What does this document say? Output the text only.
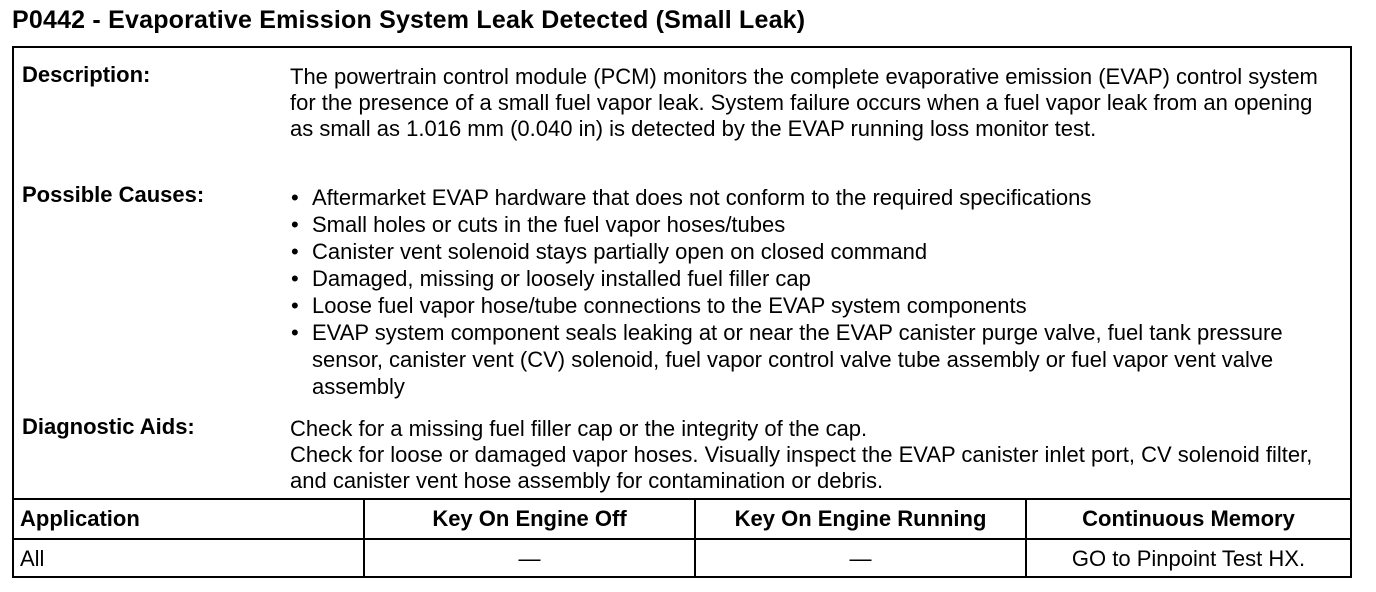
P0442 - Evaporative Emission System Leak Detected (Small Leak)
Description:	The powertrain control module (PCM) monitors the complete evaporative emission (EVAP) control system for the presence of a small fuel vapor leak. System failure occurs when a fuel vapor leak from an opening as small as 1.016 mm (0.040 in) is detected by the EVAP running loss monitor test.
Possible Causes:	• Aftermarket EVAP hardware that does not conform to the required specifications
• Small holes or cuts in the fuel vapor hoses/tubes
• Canister vent solenoid stays partially open on closed command
• Damaged, missing or loosely installed fuel filler cap
• Loose fuel vapor hose/tube connections to the EVAP system components
• EVAP system component seals leaking at or near the EVAP canister purge valve, fuel tank pressure sensor, canister vent (CV) solenoid, fuel vapor control valve tube assembly or fuel vapor vent valve assembly
Diagnostic Aids:	Check for a missing fuel filler cap or the integrity of the cap.

Check for loose or damaged vapor hoses. Visually inspect the EVAP canister inlet port, CV solenoid filter, and canister vent hose assembly for contamination or debris.

Application	Key On Engine Off	Key On Engine Running	Continuous Memory
All	—	—	GO to Pinpoint Test HX.
